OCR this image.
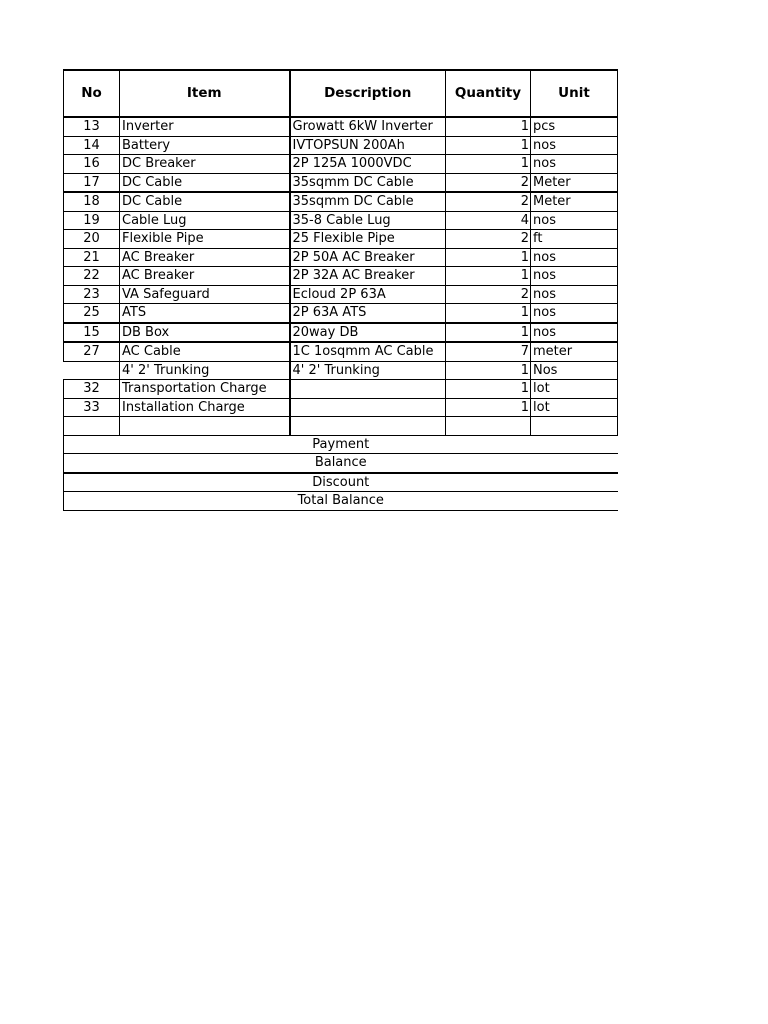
No	Item	Description	Quantity	Unit
13	Inverter	Growatt 6kW Inverter	1	pcs
14	Battery	IVTOPSUN 200Ah	1	nos
16	DC Breaker	2P 125A 1000VDC	1	nos
17	DC Cable	35sqmm DC Cable	2	Meter
18	DC Cable	35sqmm DC Cable	2	Meter
19	Cable Lug	35-8 Cable Lug	4	nos
20	Flexible Pipe	25 Flexible Pipe	2	ft
21	AC Breaker	2P 50A AC Breaker	1	nos
22	AC Breaker	2P 32A AC Breaker	1	nos
23	VA Safeguard	Ecloud 2P 63A	2	nos
25	ATS	2P 63A ATS	1	nos
15	DB Box	20way DB	1	nos
27	AC Cable	1C 1osqmm AC Cable	7	meter
	4' 2' Trunking	4' 2' Trunking	1	Nos
32	Transportation Charge		1	lot
33	Installation Charge		1	lot

Payment				
Balance				
Discount				
Total Balance				
